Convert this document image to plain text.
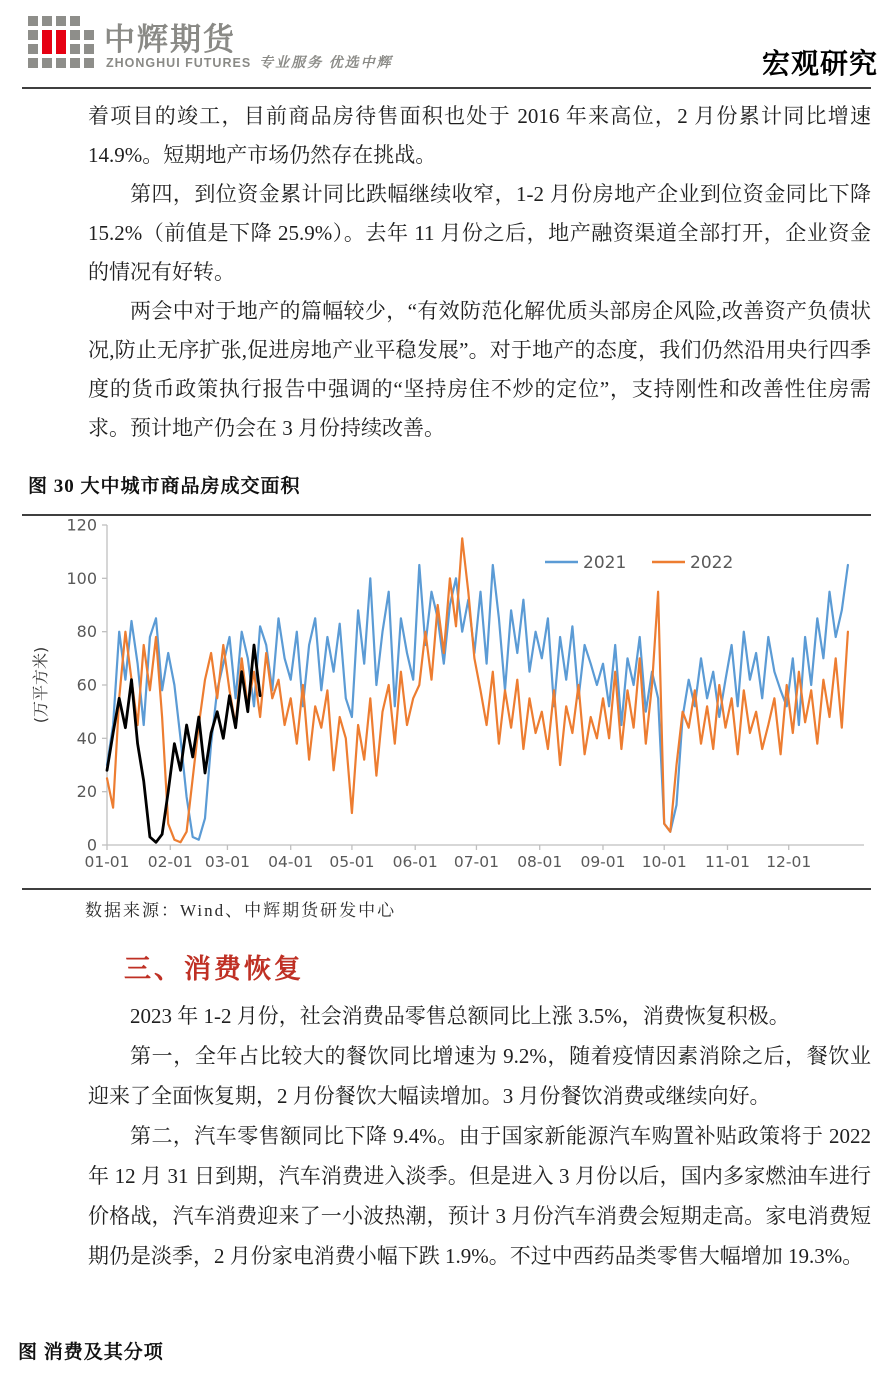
中辉期货
ZHONGHUI FUTURES 专业服务 优选中辉	宏观研究

着项目的竣工，目前商品房待售面积也处于 2016 年来高位，2 月份累计同比增速 14.9%。短期地产市场仍然存在挑战。

第四，到位资金累计同比跌幅继续收窄，1-2 月份房地产企业到位资金同比下降 15.2%（前值是下降 25.9%）。去年 11 月份之后，地产融资渠道全部打开，企业资金的情况有好转。

两会中对于地产的篇幅较少，“有效防范化解优质头部房企风险,改善资产负债状况,防止无序扩张,促进房地产业平稳发展”。对于地产的态度，我们仍然沿用央行四季度的货币政策执行报告中强调的“坚持房住不炒的定位”，支持刚性和改善性住房需求。预计地产仍会在 3 月份持续改善。

图 30 大中城市商品房成交面积
0
20
40
60
80
100
120
01-01 02-01 03-01 04-01 05-01 06-01 07-01 08-01 09-01 10-01 11-01 12-01
(万平方米)
2021	2022
数据来源：Wind、中辉期货研发中心
三、消费恢复

2023 年 1-2 月份，社会消费品零售总额同比上涨 3.5%，消费恢复积极。

第一，全年占比较大的餐饮同比增速为 9.2%，随着疫情因素消除之后，餐饮业迎来了全面恢复期，2 月份餐饮大幅读增加。3 月份餐饮消费或继续向好。

第二，汽车零售额同比下降 9.4%。由于国家新能源汽车购置补贴政策将于 2022 年 12 月 31 日到期，汽车消费进入淡季。但是进入 3 月份以后，国内多家燃油车进行价格战，汽车消费迎来了一小波热潮，预计 3 月份汽车消费会短期走高。家电消费短期仍是淡季，2 月份家电消费小幅下跌 1.9%。不过中西药品类零售大幅增加 19.3%。

图 消费及其分项
